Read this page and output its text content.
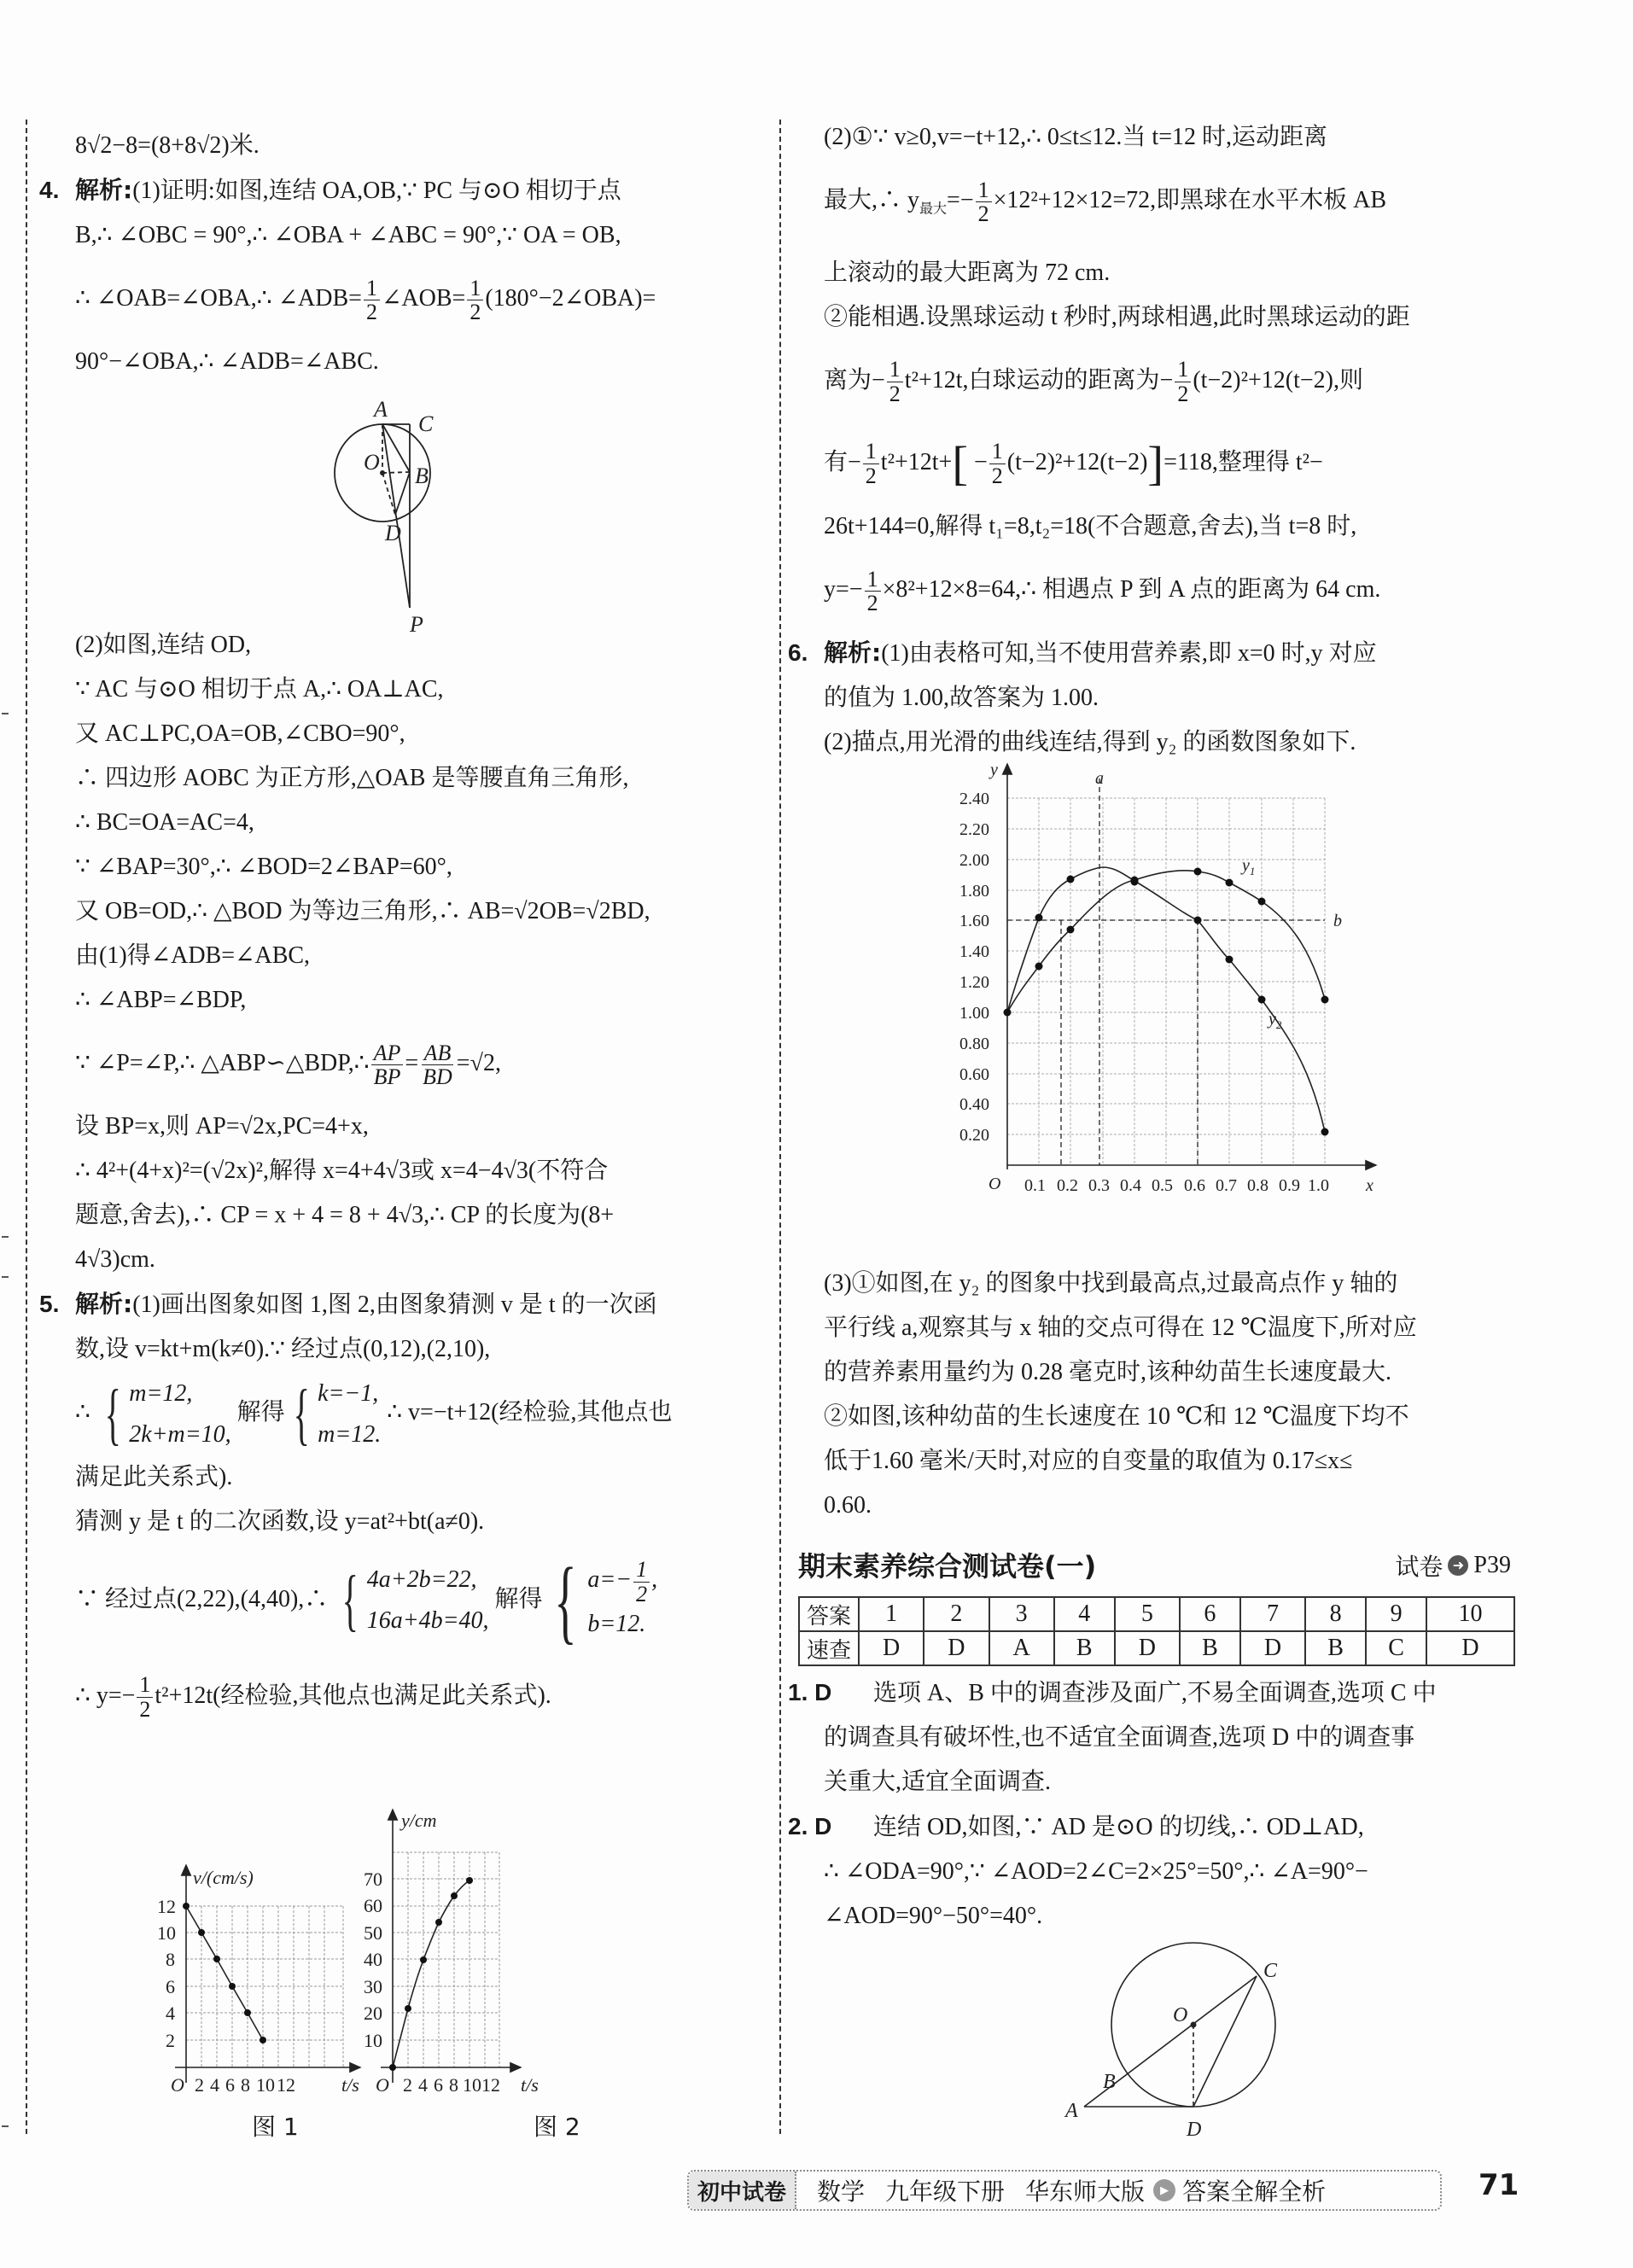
8√2−8=(8+8√2)米.
4. 解析:(1)证明:如图,连结 OA,OB,∵ PC 与⊙O 相切于点
B,∴ ∠OBC = 90°,∴ ∠OBA + ∠ABC = 90°,∵ OA = OB,
∴ ∠OAB=∠OBA,∴ ∠ADB= $\frac{1}{2}$ ∠AOB= $\frac{1}{2}$ (180°−2∠OBA)=
90°−∠OBA,∴ ∠ADB=∠ABC.
A
C
O
B
D
P
(2)如图,连结 OD,
∵ AC 与⊙O 相切于点 A,∴ OA⊥AC,
又 AC⊥PC,OA=OB,∠CBO=90°,
∴ 四边形 AOBC 为正方形,△OAB 是等腰直角三角形,
∴ BC=OA=AC=4,
∵ ∠BAP=30°,∴ ∠BOD=2∠BAP=60°,
又 OB=OD,∴ △BOD 为等边三角形,∴ AB=√2OB=√2BD,
由(1)得∠ADB=∠ABC,
∴ ∠ABP=∠BDP,
∵ ∠P=∠P,∴ △ABP∽△BDP,∴ $\frac{AP}{BP} = \frac{AB}{BD} =√2$,
设 BP=x,则 AP=√2x,PC=4+x,
∴ 4²+(4+x)²=(√2x)²,解得 x=4+4√3或 x=4−4√3(不符合
题意,舍去),∴ CP = x + 4 = 8 + 4√3,∴ CP 的长度为(8+
4√3)cm.
5. 解析:(1)画出图象如图 1,图 2,由图象猜测 v 是 t 的一次函
数,设 v=kt+m(k≠0).∵ 经过点(0,12),(2,10),
∴ { m=12,
2k+m=10,
解得 { k=−1,
m=12.
∴ v=−t+12(经检验,其他点也
满足此关系式).
猜测 y 是 t 的二次函数,设 y=at²+bt(a≠0).
∵ 经过点(2,22),(4,40),∴ { 4a+2b=22,
16a+4b=40,
解得 { $a=- \frac{1}{2}$ ,
b=12.
∴ $y=- \frac{1}{2} t^2+12t$(经检验,其他点也满足此关系式).
12
10
8
6
4
2
2 4 6 8 10 12
O
v/(cm/s)
t/s
70
60
50
40
30
20
10
2 4 6 8 10 12
O
y/cm
t/s
图 1	图 2
(2)①∵ v≥0,v=−t+12,∴ 0≤t≤12.当 t=12 时,运动距离
最大,∴ $y_{最大}=- \frac{1}{2} \times 12^2+12\times 12=72$,即黑球在水平木板 AB
上滚动的最大距离为 72 cm.
②能相遇.设黑球运动 t 秒时,两球相遇,此时黑球运动的距
离为− $\frac{1}{2} t^2+12t$,白球运动的距离为− $\frac{1}{2} (t-2)^2+12(t-2)$,则
有− $\frac{1}{2} t^2+12t+[ - \frac{1}{2} (t-2)^2+12(t-2)]=118$,整理得 t²−
26t+144=0,解得 t₁=8,t₂=18(不合题意,舍去),当 t=8 时,
$y=- \frac{1}{2}$ ×8²+12×8=64,∴ 相遇点 P 到 A 点的距离为 64 cm.
6. 解析:(1)由表格可知,当不使用营养素,即 x=0 时,y 对应
的值为 1.00,故答案为 1.00.
(2)描点,用光滑的曲线连结,得到 y₂ 的函数图象如下.
2.40
2.20
2.00
1.80
1.60
1.40
1.20
1.00
0.80
0.60
0.40
0.20
0.1 0.2 0.3 0.4 0.5 0.6 0.7 0.8 0.9 1.0
O	x
y	a
b
$y_1$
$y_2$
(3)①如图,在 y₂ 的图象中找到最高点,过最高点作 y 轴的
平行线 a,观察其与 x 轴的交点可得在 12 ℃温度下,所对应
的营养素用量约为 0.28 毫克时,该种幼苗生长速度最大.
②如图,该种幼苗的生长速度在 10 ℃和 12 ℃温度下均不
低于1.60 毫米/天时,对应的自变量的取值为 0.17≤x≤
0.60.
期末素养综合测试卷(一)	试卷 ➜ P39
答案	1	2	3	4	5	6	7	8	9	10
速查	D	D	A	B	D	B	D	B	C	D
1. D 选项 A、B 中的调查涉及面广,不易全面调查,选项 C 中
的调查具有破坏性,也不适宜全面调查,选项 D 中的调查事
关重大,适宜全面调查.
2. D 连结 OD,如图,∵ AD 是⊙O 的切线,∴ OD⊥AD,
∴ ∠ODA=90°,∵ ∠AOD=2∠C=2×25°=50°,∴ ∠A=90°−
∠AOD=90°−50°=40°.
O
C
B
A
D
初中试卷	数学 九年级下册 华东师大版	▶ 答案全解全析	71
